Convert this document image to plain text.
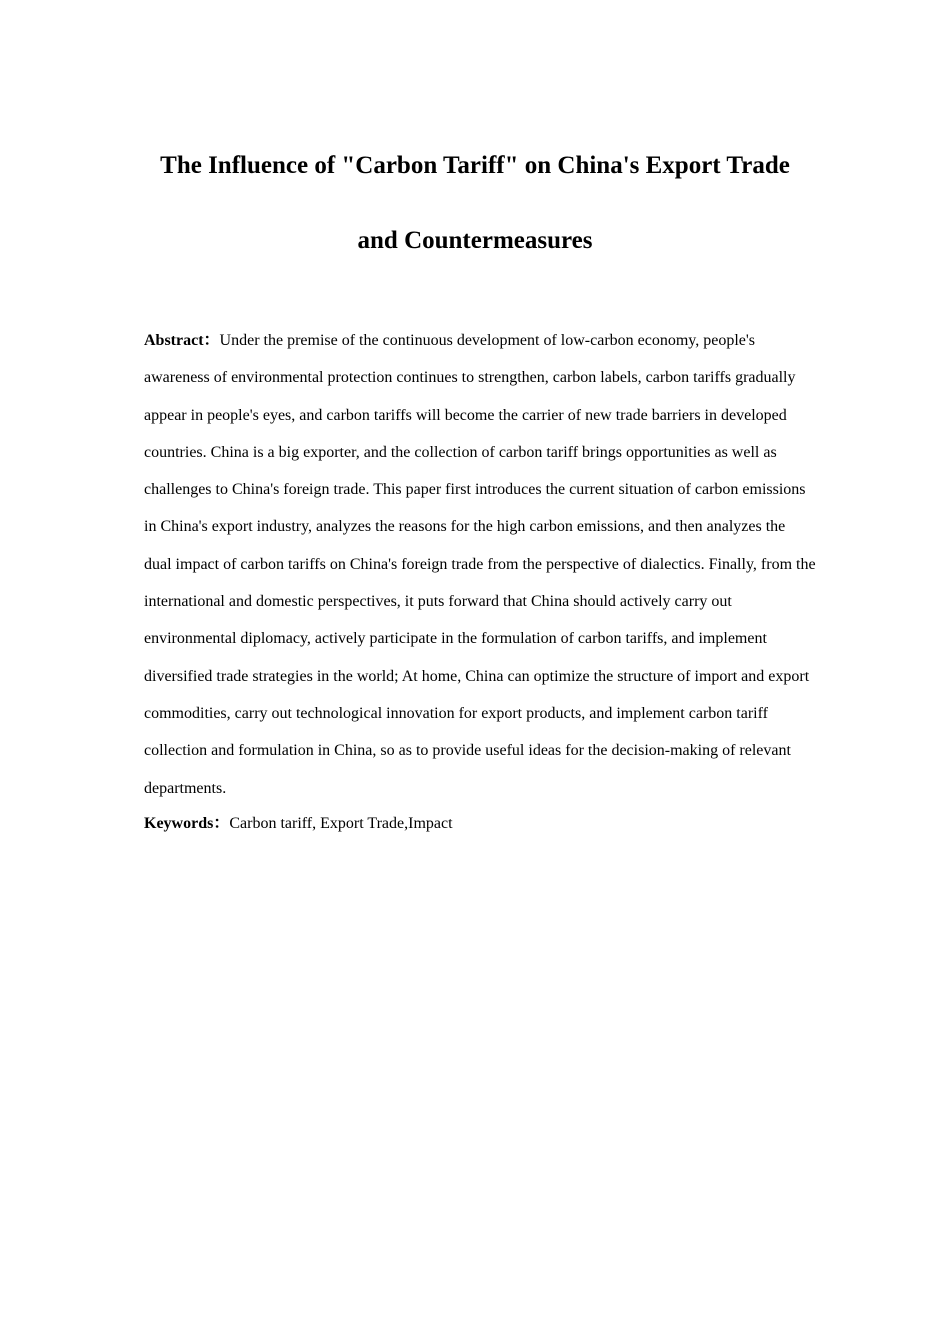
The Influence of "Carbon Tariff" on China's Export Trade

and Countermeasures

Abstract：Under the premise of the continuous development of low-carbon economy, people's awareness of environmental protection continues to strengthen, carbon labels, carbon tariffs gradually appear in people's eyes, and carbon tariffs will become the carrier of new trade barriers in developed countries. China is a big exporter, and the collection of carbon tariff brings opportunities as well as challenges to China's foreign trade. This paper first introduces the current situation of carbon emissions in China's export industry, analyzes the reasons for the high carbon emissions, and then analyzes the dual impact of carbon tariffs on China's foreign trade from the perspective of dialectics. Finally, from the international and domestic perspectives, it puts forward that China should actively carry out environmental diplomacy, actively participate in the formulation of carbon tariffs, and implement diversified trade strategies in the world; At home, China can optimize the structure of import and export commodities, carry out technological innovation for export products, and implement carbon tariff collection and formulation in China, so as to provide useful ideas for the decision-making of relevant departments.

Keywords：Carbon tariff, Export Trade,Impact
